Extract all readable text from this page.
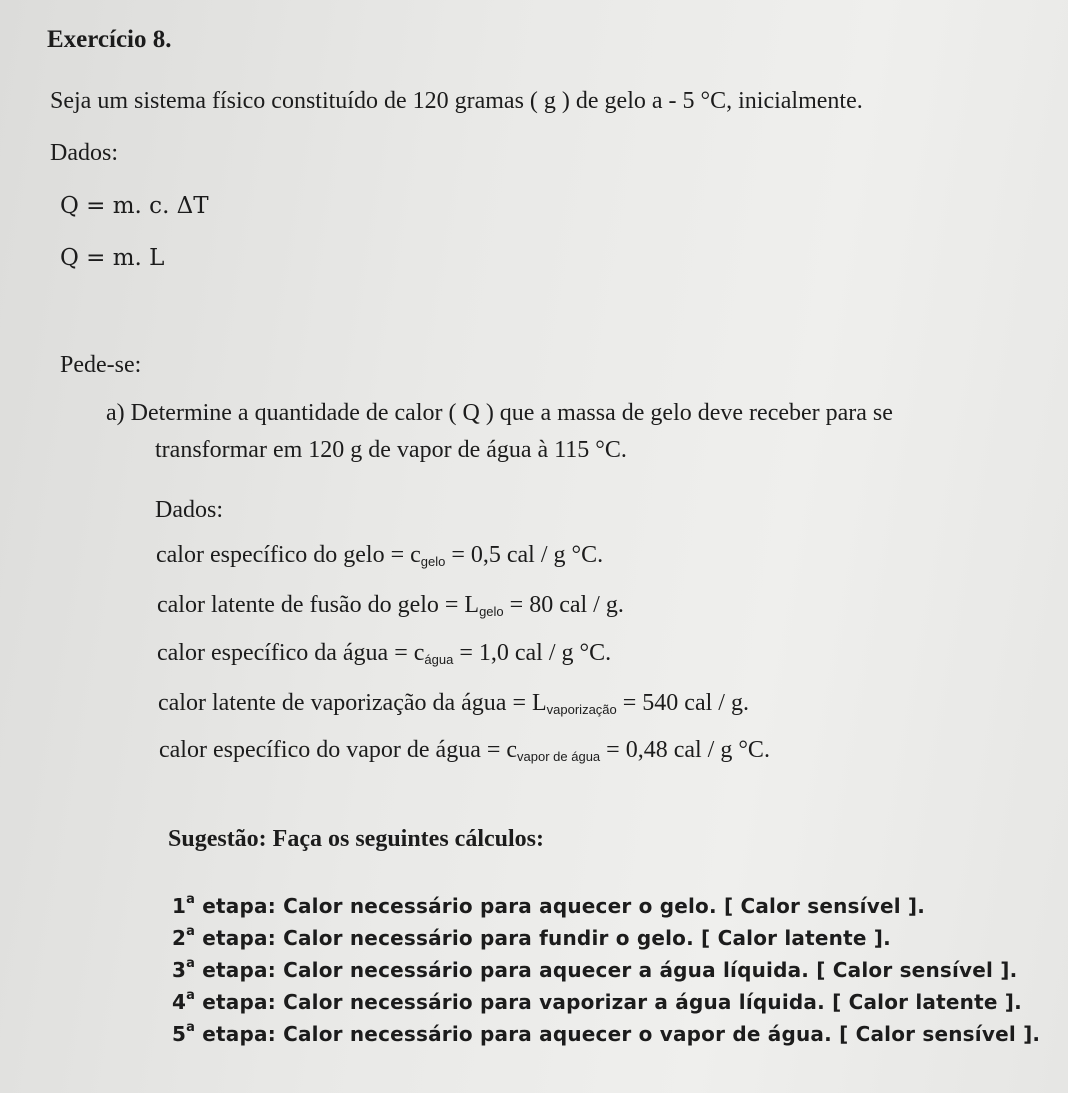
Exercício 8.
Seja um sistema físico constituído de 120 gramas ( g ) de gelo a - 5 °C, inicialmente.
Dados:
Q = m. c. ΔT
Q = m. L
Pede-se:
a) Determine a quantidade de calor ( Q ) que a massa de gelo deve receber para se
transformar em 120 g de vapor de água à 115 °C.
Dados:
calor específico do gelo = $c_{gelo} = 0,5$ cal / g °C.
calor latente de fusão do gelo = $L_{gelo} = 80$ cal / g.
calor específico da água = $c_{água} = 1,0$ cal / g °C.
calor latente de vaporização da água = $L_{vaporização} = 540$ cal / g.
calor específico do vapor de água = $c_{vapor de água} = 0,48$ cal / g °C.
Sugestão: Faça os seguintes cálculos:
1$^a$ etapa: Calor necessário para aquecer o gelo. [ Calor sensível ].
2$^a$ etapa: Calor necessário para fundir o gelo. [ Calor latente ].
3$^a$ etapa: Calor necessário para aquecer a água líquida. [ Calor sensível ].
4$^a$ etapa: Calor necessário para vaporizar a água líquida. [ Calor latente ].
5$^a$ etapa: Calor necessário para aquecer o vapor de água. [ Calor sensível ].
